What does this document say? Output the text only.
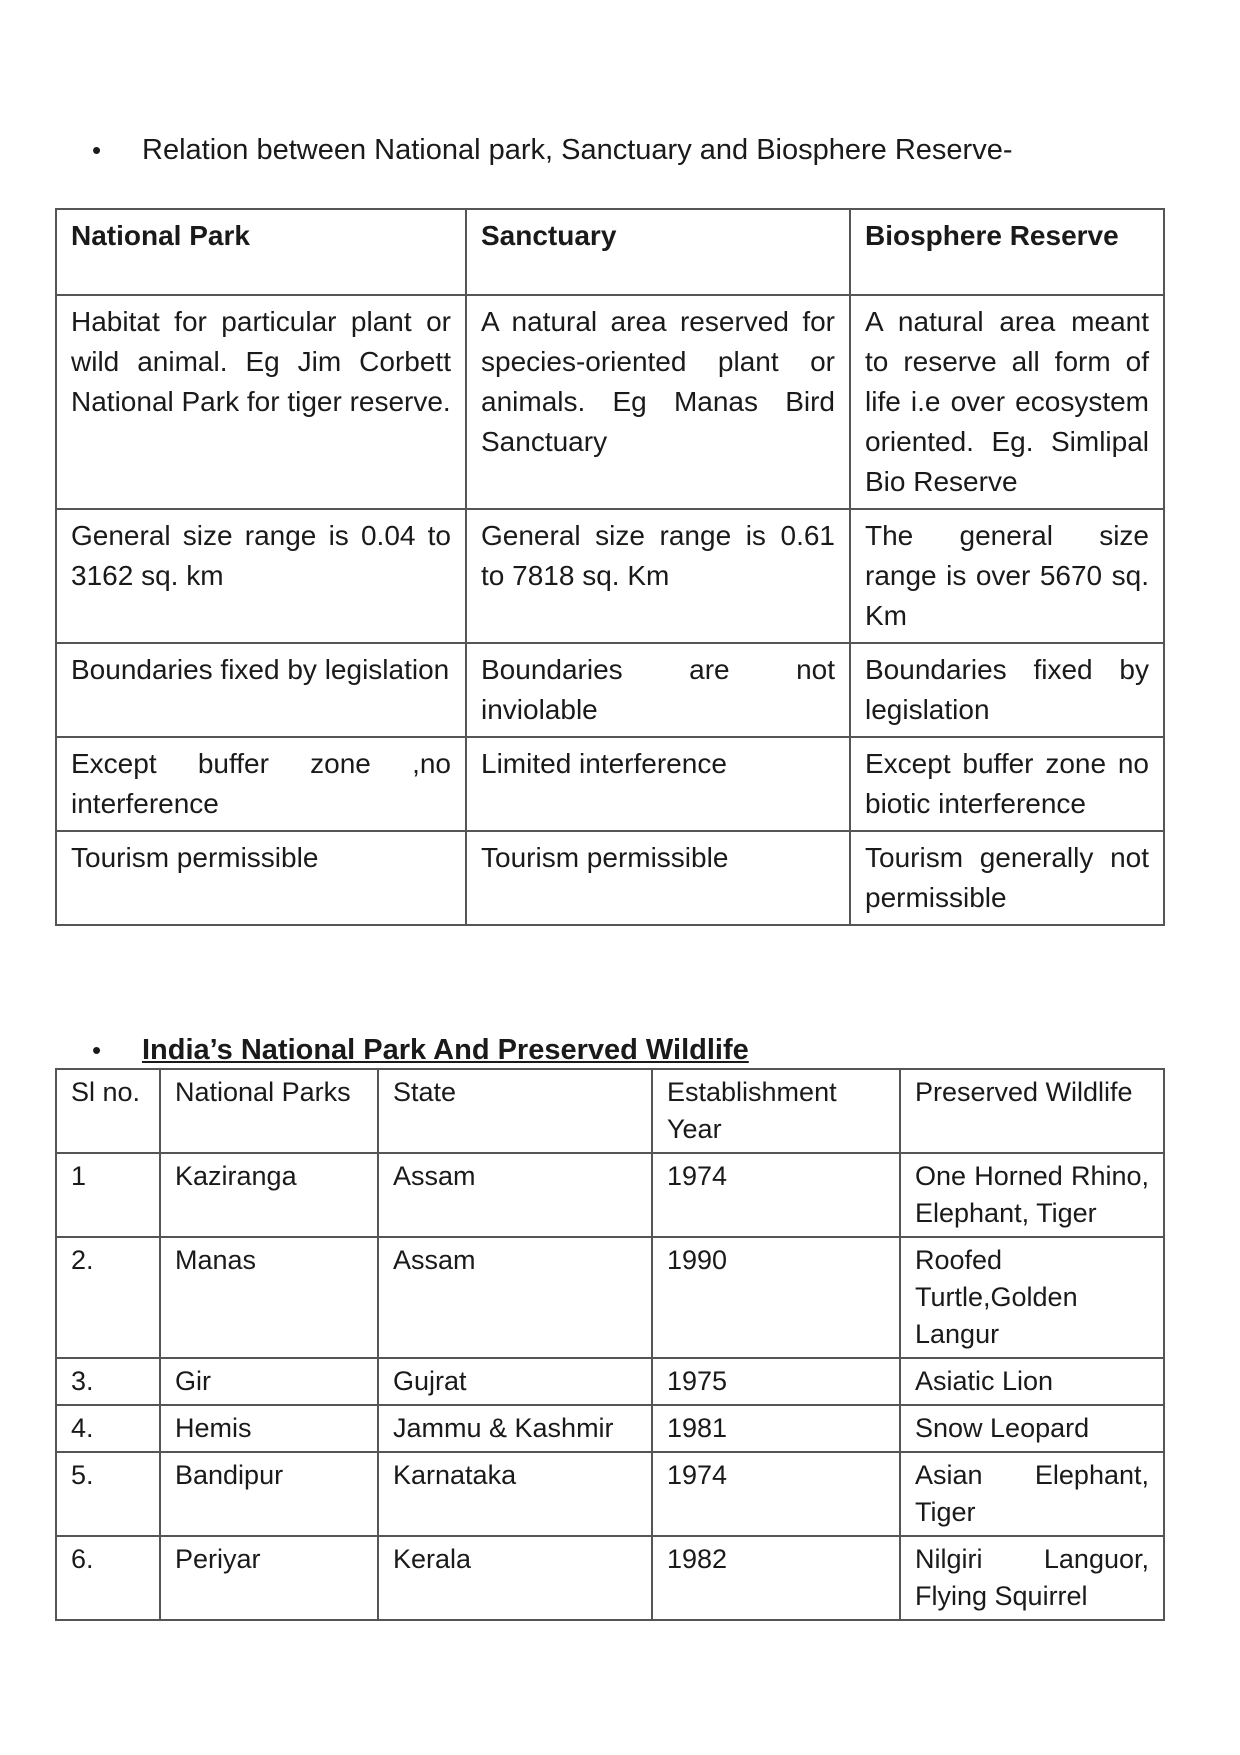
• Relation between National park, Sanctuary and Biosphere Reserve-
National Park	Sanctuary	Biosphere Reserve
Habitat for particular plant or wild animal. Eg Jim Corbett National Park for tiger reserve.	A natural area reserved for species-oriented plant or animals. Eg Manas Bird Sanctuary	A natural area meant to reserve all form of life i.e over ecosystem oriented. Eg. Simlipal Bio Reserve
General size range is 0.04 to 3162 sq. km	General size range is 0.61 to 7818 sq. Km	The general size range is over 5670 sq. Km
Boundaries fixed by legislation	Boundaries are not inviolable	Boundaries fixed by legislation
Except buffer zone ,no interference	Limited interference	Except buffer zone no biotic interference
Tourism permissible	Tourism permissible	Tourism generally not permissible
• India’s National Park And Preserved Wildlife
Sl no.	National Parks	State	Establishment Year	Preserved Wildlife
1	Kaziranga	Assam	1974	One Horned Rhino, Elephant, Tiger
2.	Manas	Assam	1990	Roofed Turtle,Golden Langur
3.	Gir	Gujrat	1975	Asiatic Lion
4.	Hemis	Jammu & Kashmir	1981	Snow Leopard
5.	Bandipur	Karnataka	1974	Asian Elephant, Tiger
6.	Periyar	Kerala	1982	Nilgiri Languor, Flying Squirrel
